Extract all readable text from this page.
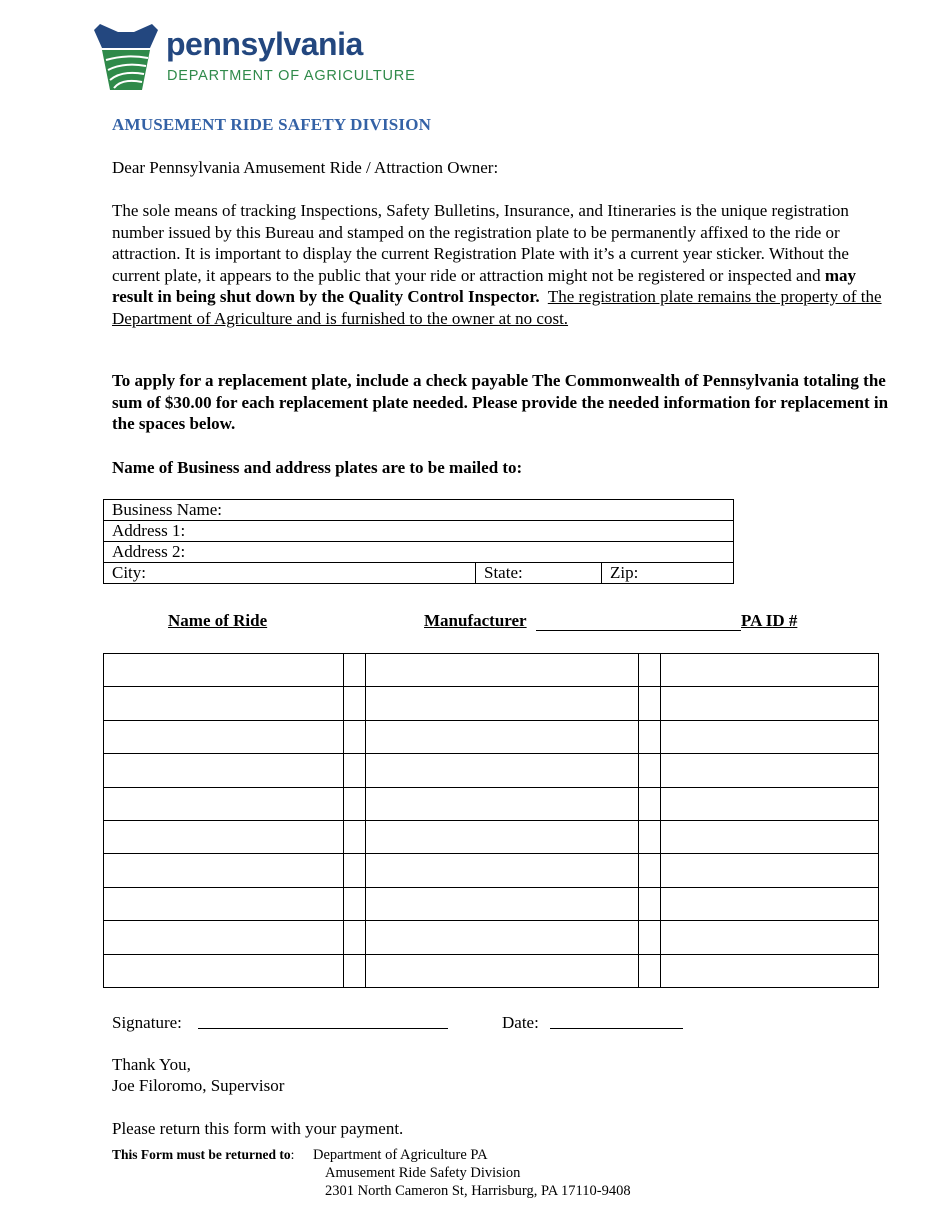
pennsylvania
DEPARTMENT OF AGRICULTURE
AMUSEMENT RIDE SAFETY DIVISION
Dear Pennsylvania Amusement Ride / Attraction Owner:
The sole means of tracking Inspections, Safety Bulletins, Insurance, and Itineraries is the unique registration number issued by this Bureau and stamped on the registration plate to be permanently affixed to the ride or attraction. It is important to display the current Registration Plate with it’s a current year sticker. Without the current plate, it appears to the public that your ride or attraction might not be registered or inspected and may result in being shut down by the Quality Control Inspector. The registration plate remains the property of the Department of Agriculture and is furnished to the owner at no cost.
To apply for a replacement plate, include a check payable The Commonwealth of Pennsylvania totaling the sum of $30.00 for each replacement plate needed. Please provide the needed information for replacement in the spaces below.
Name of Business and address plates are to be mailed to:
Business Name:
Address 1:
Address 2:
City:	State:	Zip:
Name of Ride	Manufacturer	PA ID #

Signature:	Date:
Thank You,
Joe Filoromo, Supervisor
Please return this form with your payment.
This Form must be returned to: Department of Agriculture PA
Amusement Ride Safety Division
2301 North Cameron St, Harrisburg, PA 17110-9408
